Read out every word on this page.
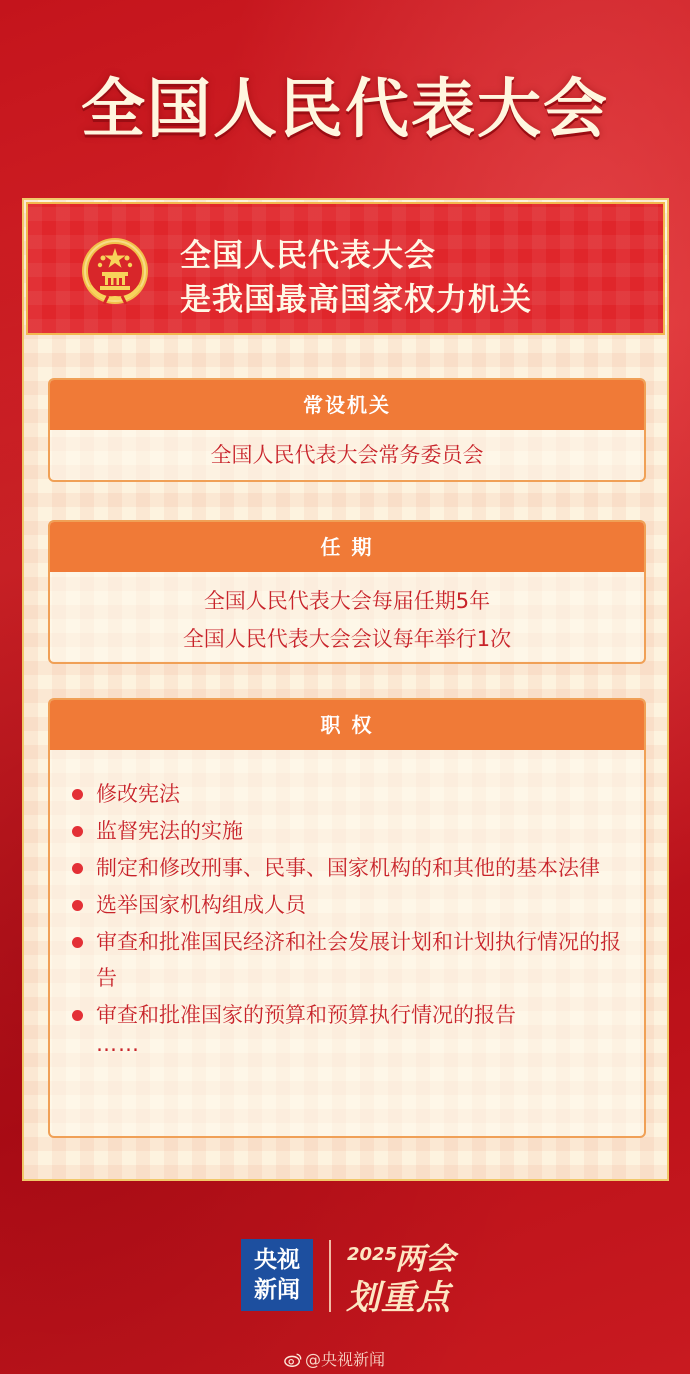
全国人民代表大会
全国人民代表大会
是我国最高国家权力机关
常设机关
全国人民代表大会常务委员会
任 期
全国人民代表大会每届任期5年
全国人民代表大会会议每年举行1次
职 权
修改宪法
监督宪法的实施
制定和修改刑事、民事、国家机构的和其他的基本法律
选举国家机构组成人员
审查和批准国民经济和社会发展计划和计划执行情况的报告
审查和批准国家的预算和预算执行情况的报告
……
央视
新闻
2025
两会
划重点
@央视新闻
